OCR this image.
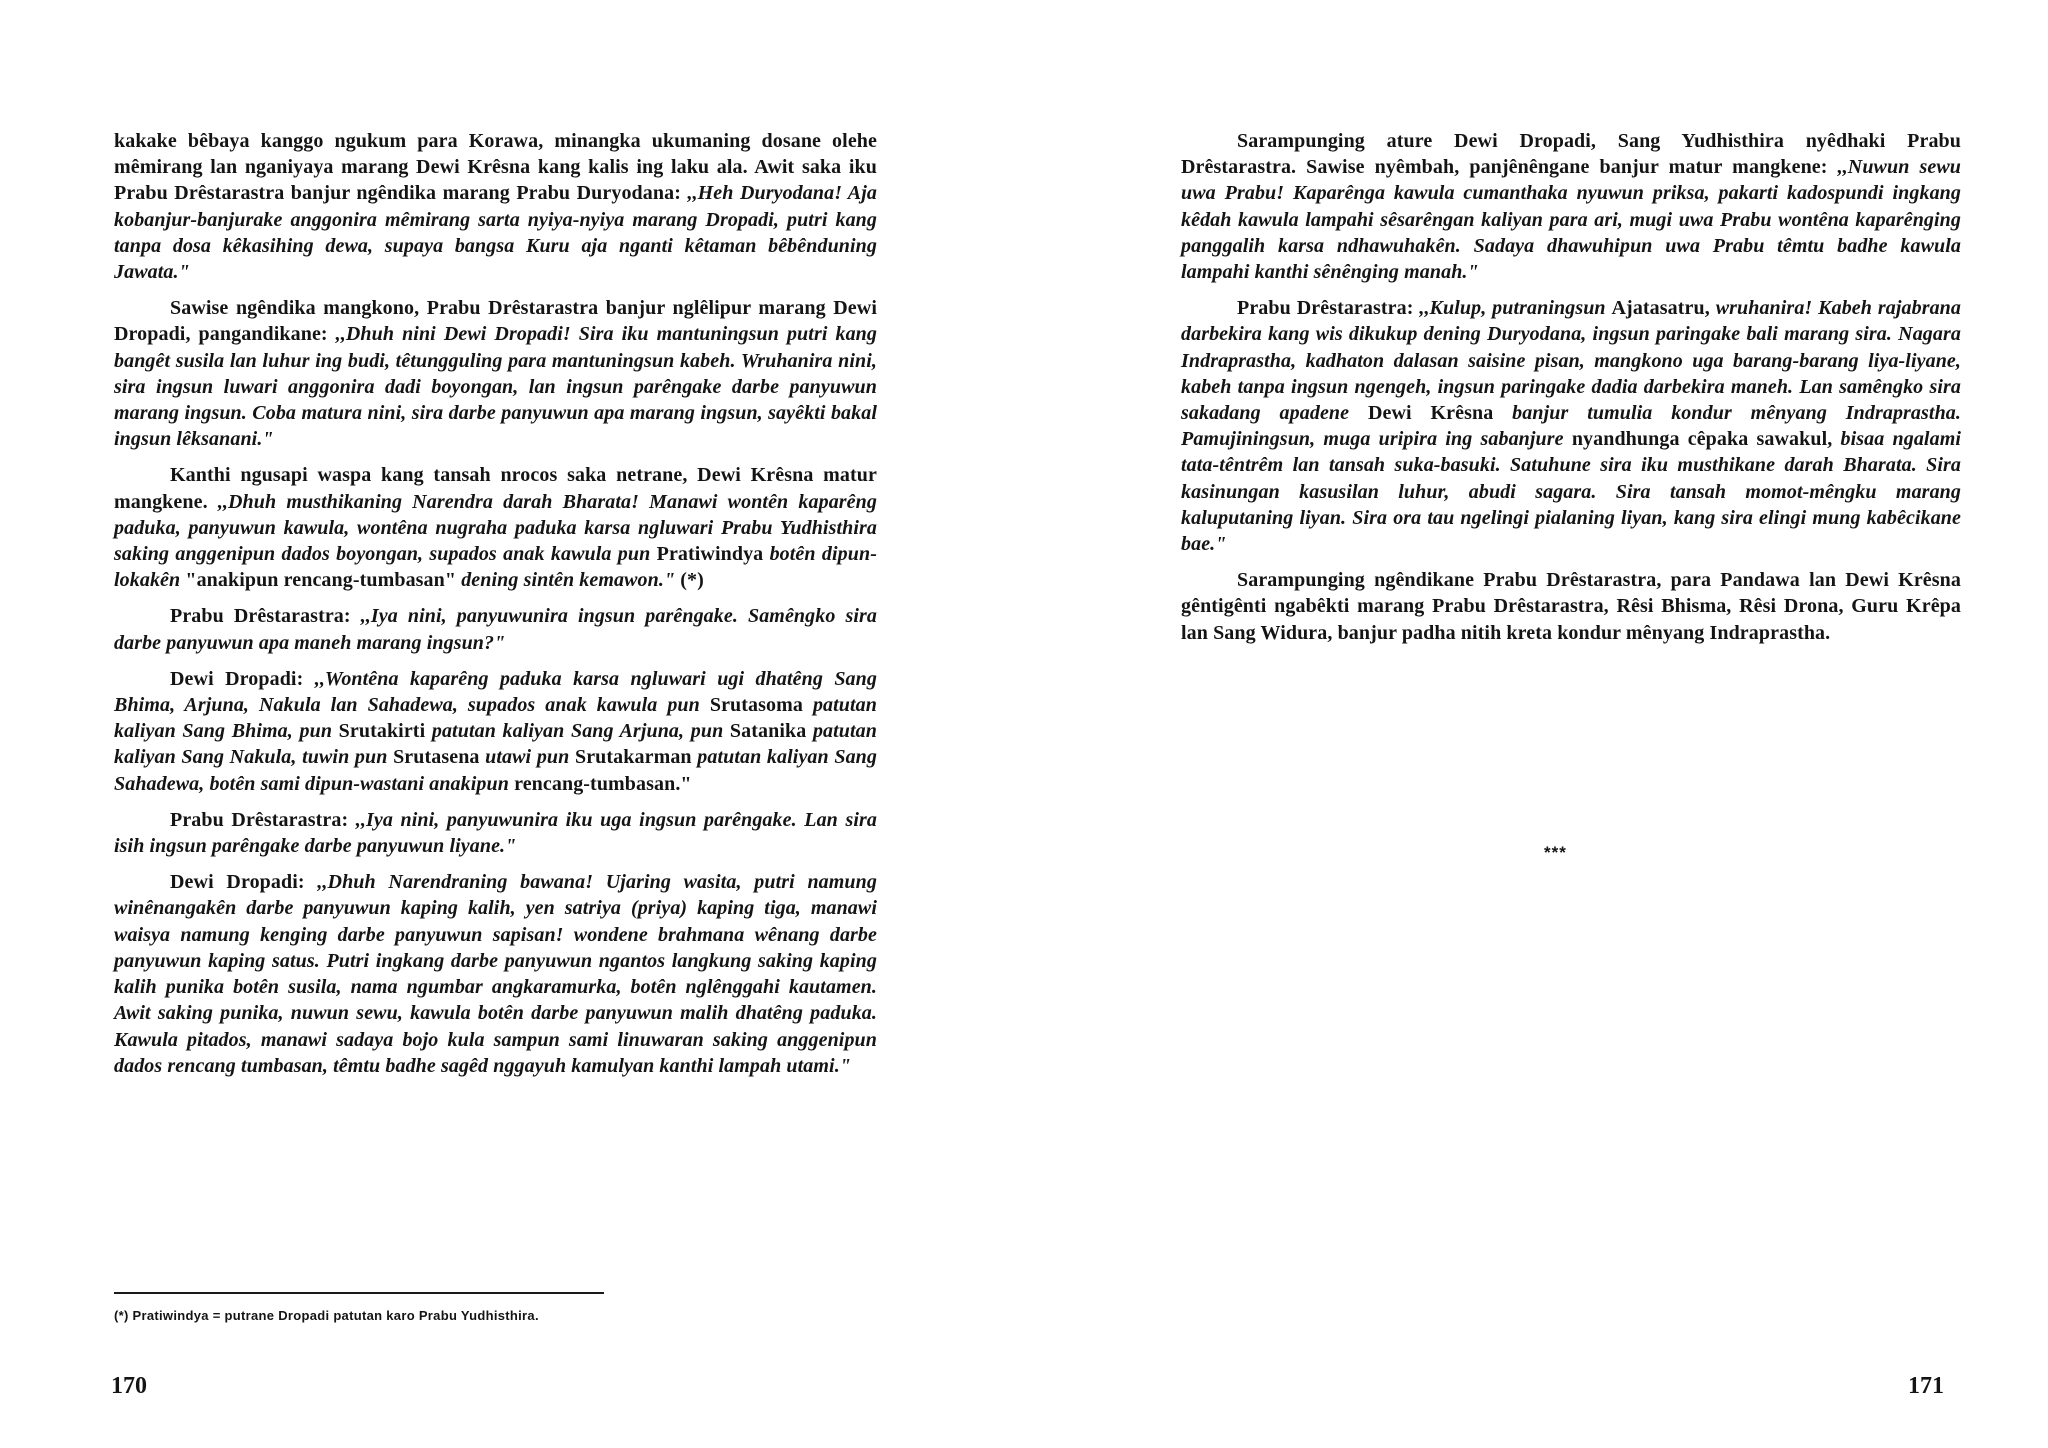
kakake bêbaya kanggo ngukum para Korawa, minangka ukumaning dosane olehe mêmirang lan nganiyaya marang Dewi Krêsna kang kalis ing laku ala. Awit saka iku Prabu Drêstarastra banjur ngêndika marang Prabu Duryodana: ,,Heh Duryodana! Aja kobanjur-banjurake anggonira mêmirang sarta nyiya-nyiya marang Dropadi, putri kang tanpa dosa kêkasihing dewa, supaya bangsa Kuru aja nganti kêtaman bêbênduning Jawata."

Sawise ngêndika mangkono, Prabu Drêstarastra banjur nglêlipur marang Dewi Dropadi, pangandikane: ,,Dhuh nini Dewi Dropadi! Sira iku mantuningsun putri kang bangêt susila lan luhur ing budi, têtungguling para mantuningsun kabeh. Wruhanira nini, sira ingsun luwari anggonira dadi boyongan, lan ingsun parêngake darbe panyuwun marang ingsun. Coba matura nini, sira darbe panyuwun apa marang ingsun, sayêkti bakal ingsun lêksanani."

Kanthi ngusapi waspa kang tansah nrocos saka netrane, Dewi Krêsna matur mangkene. ,,Dhuh musthikaning Narendra darah Bharata! Manawi wontên kaparêng paduka, panyuwun kawula, wontêna nugraha paduka karsa ngluwari Prabu Yudhisthira saking anggenipun dados boyongan, supados anak kawula pun Pratiwindya botên dipun-lokakên "anakipun rencang-tumbasan" dening sintên kemawon." (*)

Prabu Drêstarastra: ,,Iya nini, panyuwunira ingsun parêngake. Samêngko sira darbe panyuwun apa maneh marang ingsun?"

Dewi Dropadi: ,,Wontêna kaparêng paduka karsa ngluwari ugi dhatêng Sang Bhima, Arjuna, Nakula lan Sahadewa, supados anak kawula pun Srutasoma patutan kaliyan Sang Bhima, pun Srutakirti patutan kaliyan Sang Arjuna, pun Satanika patutan kaliyan Sang Nakula, tuwin pun Srutasena utawi pun Srutakarman patutan kaliyan Sang Sahadewa, botên sami dipun-wastani anakipun rencang-tumbasan."

Prabu Drêstarastra: ,,Iya nini, panyuwunira iku uga ingsun parêngake. Lan sira isih ingsun parêngake darbe panyuwun liyane."

Dewi Dropadi: ,,Dhuh Narendraning bawana! Ujaring wasita, putri namung winênangakên darbe panyuwun kaping kalih, yen satriya (priya) kaping tiga, manawi waisya namung kenging darbe panyuwun sapisan! wondene brahmana wênang darbe panyuwun kaping satus. Putri ingkang darbe panyuwun ngantos langkung saking kaping kalih punika botên susila, nama ngumbar angkaramurka, botên nglênggahi kautamen. Awit saking punika, nuwun sewu, kawula botên darbe panyuwun malih dhatêng paduka. Kawula pitados, manawi sadaya bojo kula sampun sami linuwaran saking anggenipun dados rencang tumbasan, têmtu badhe sagêd nggayuh kamulyan kanthi lampah utami."

(*) Pratiwindya = putrane Dropadi patutan karo Prabu Yudhisthira.
170

Sarampunging ature Dewi Dropadi, Sang Yudhisthira nyêdhaki Prabu Drêstarastra. Sawise nyêmbah, panjênêngane banjur matur mangkene: ,,Nuwun sewu uwa Prabu! Kaparênga kawula cumanthaka nyuwun priksa, pakarti kadospundi ingkang kêdah kawula lampahi sêsarêngan kaliyan para ari, mugi uwa Prabu wontêna kaparênging panggalih karsa ndhawuhakên. Sadaya dhawuhipun uwa Prabu têmtu badhe kawula lampahi kanthi sênênging manah."

Prabu Drêstarastra: ,,Kulup, putraningsun Ajatasatru, wruhanira! Kabeh rajabrana darbekira kang wis dikukup dening Duryodana, ingsun paringake bali marang sira. Nagara Indraprastha, kadhaton dalasan saisine pisan, mangkono uga barang-barang liya-liyane, kabeh tanpa ingsun ngengeh, ingsun paringake dadia darbekira maneh. Lan samêngko sira sakadang apadene Dewi Krêsna banjur tumulia kondur mênyang Indraprastha. Pamujiningsun, muga uripira ing sabanjure nyandhunga cêpaka sawakul, bisaa ngalami tata-têntrêm lan tansah suka-basuki. Satuhune sira iku musthikane darah Bharata. Sira kasinungan kasusilan luhur, abudi sagara. Sira tansah momot-mêngku marang kaluputaning liyan. Sira ora tau ngelingi pialaning liyan, kang sira elingi mung kabêcikane bae."

Sarampunging ngêndikane Prabu Drêstarastra, para Pandawa lan Dewi Krêsna gêntigênti ngabêkti marang Prabu Drêstarastra, Rêsi Bhisma, Rêsi Drona, Guru Krêpa lan Sang Widura, banjur padha nitih kreta kondur mênyang Indraprastha.

***
171
